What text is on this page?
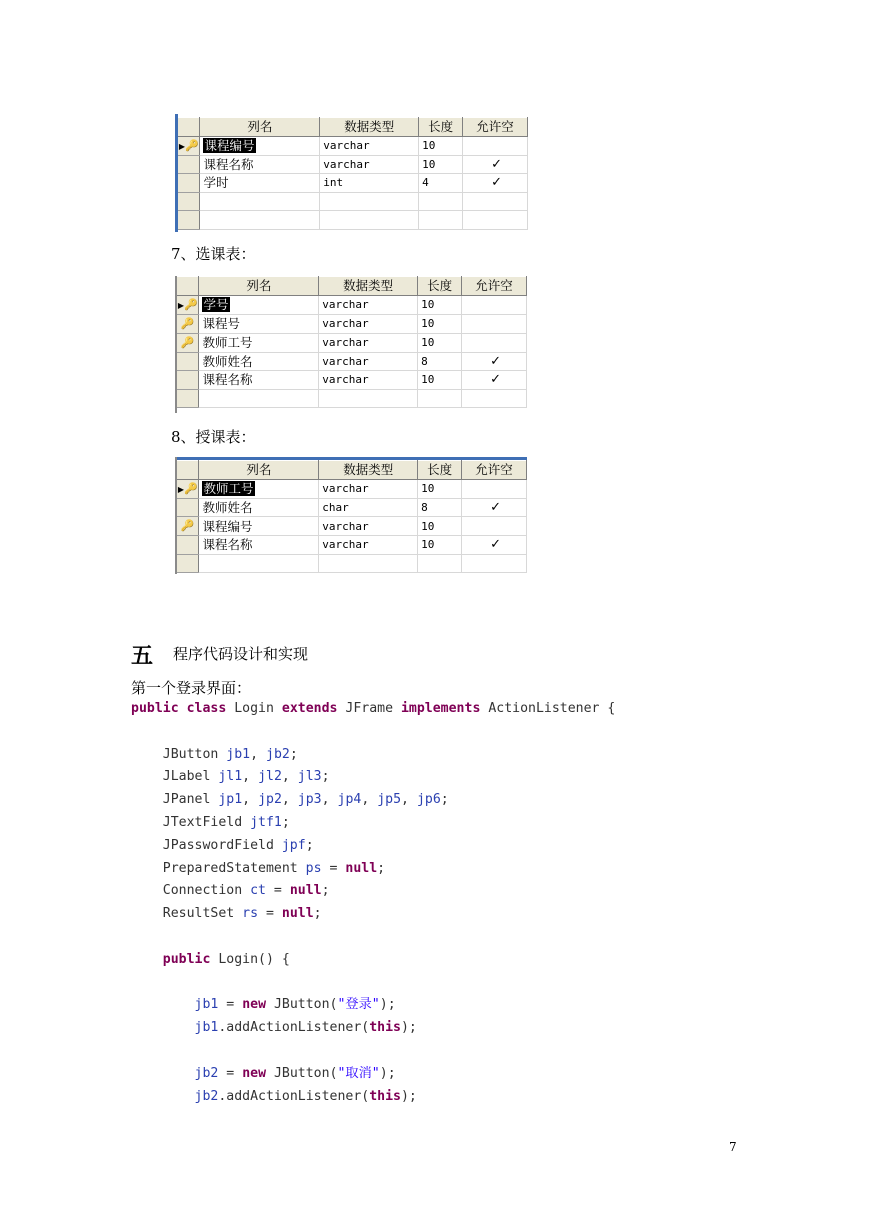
	列名	数据类型	长度	允许空
▶🔑	课程编号	varchar	10	
	课程名称	varchar	10	✓
	学时	int	4	✓

7、选课表：
	列名	数据类型	长度	允许空
▶🔑	学号	varchar	10	
🔑	课程号	varchar	10	
🔑	教师工号	varchar	10	
	教师姓名	varchar	8	✓
	课程名称	varchar	10	✓

8、授课表：
	列名	数据类型	长度	允许空
▶🔑	教师工号	varchar	10	
	教师姓名	char	8	✓
🔑	课程编号	varchar	10	
	课程名称	varchar	10	✓

五 程序代码设计和实现
第一个登录界面：
public class Login extends JFrame implements ActionListener {

JButton jb1, jb2;
JLabel jl1, jl2, jl3;
JPanel jp1, jp2, jp3, jp4, jp5, jp6;
JTextField jtf1;
JPasswordField jpf;
PreparedStatement ps = null;
Connection ct = null;
ResultSet rs = null;

public Login() {

jb1 = new JButton("登录");
jb1.addActionListener(this);

jb2 = new JButton("取消");
jb2.addActionListener(this);
7
